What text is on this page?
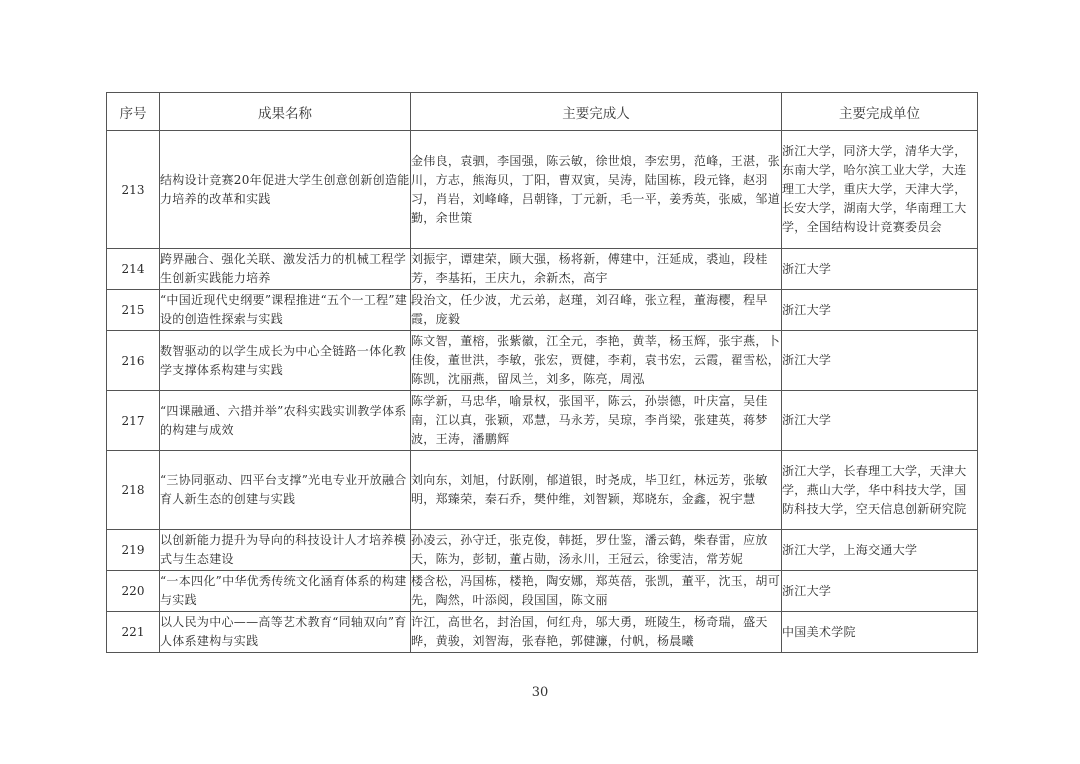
序号	成果名称	主要完成人	主要完成单位
213	结构设计竞赛20年促进大学生创意创新创造能力培养的改革和实践	金伟良，袁驷，李国强，陈云敏，徐世烺，李宏男，范峰，王湛，张川，方志，熊海贝，丁阳，曹双寅，吴涛，陆国栋，段元锋，赵羽习，肖岩，刘峰峰，吕朝锋，丁元新，毛一平，姜秀英，张威，邹道勤，余世策	浙江大学，同济大学，清华大学，东南大学，哈尔滨工业大学，大连理工大学，重庆大学，天津大学，长安大学，湖南大学，华南理工大学，全国结构设计竞赛委员会
214	跨界融合、强化关联、激发活力的机械工程学生创新实践能力培养	刘振宇，谭建荣，顾大强，杨将新，傅建中，汪延成，裘辿，段桂芳，李基拓，王庆九，余新杰，高宇	浙江大学
215	“中国近现代史纲要”课程推进“五个一工程”建设的创造性探索与实践	段治文，任少波，尤云弟，赵瑾，刘召峰，张立程，董海樱，程早霞，庞毅	浙江大学
216	数智驱动的以学生成长为中心全链路一体化教学支撑体系构建与实践	陈文智，董榕，张紫徽，江全元，李艳，黄莘，杨玉辉，张宇燕，卜佳俊，董世洪，李敏，张宏，贾健，李莉，袁书宏，云霞，翟雪松，陈凯，沈丽燕，留凤兰，刘多，陈亮，周泓	浙江大学
217	“四课融通、六措并举”农科实践实训教学体系的构建与成效	陈学新，马忠华，喻景权，张国平，陈云，孙崇德，叶庆富，吴佳南，江以真，张颖，邓慧，马永芳，吴琼，李肖梁，张建英，蒋梦波，王涛，潘鹏辉	浙江大学
218	“三协同驱动、四平台支撑”光电专业开放融合育人新生态的创建与实践	刘向东，刘旭，付跃刚，郁道银，时尧成，毕卫红，林远芳，张敏明，郑臻荣，秦石乔，樊仲维，刘智颖，郑晓东，金鑫，祝宇慧	浙江大学，长春理工大学，天津大学，燕山大学，华中科技大学，国防科技大学，空天信息创新研究院
219	以创新能力提升为导向的科技设计人才培养模式与生态建设	孙凌云，孙守迁，张克俊，韩挺，罗仕鉴，潘云鹤，柴春雷，应放天，陈为，彭韧，董占勋，汤永川，王冠云，徐雯洁，常芳妮	浙江大学，上海交通大学
220	“一本四化”中华优秀传统文化涵育体系的构建与实践	楼含松，冯国栋，楼艳，陶安娜，郑英蓓，张凯，董平，沈玉，胡可先，陶然，叶添阅，段国国，陈文丽	浙江大学
221	以人民为中心——高等艺术教育“同轴双向”育人体系建构与实践	许江，高世名，封治国，何红舟，邬大勇，班陵生，杨奇瑞，盛天晔，黄骏，刘智海，张春艳，郭健濂，付帆，杨晨曦	中国美术学院
30
